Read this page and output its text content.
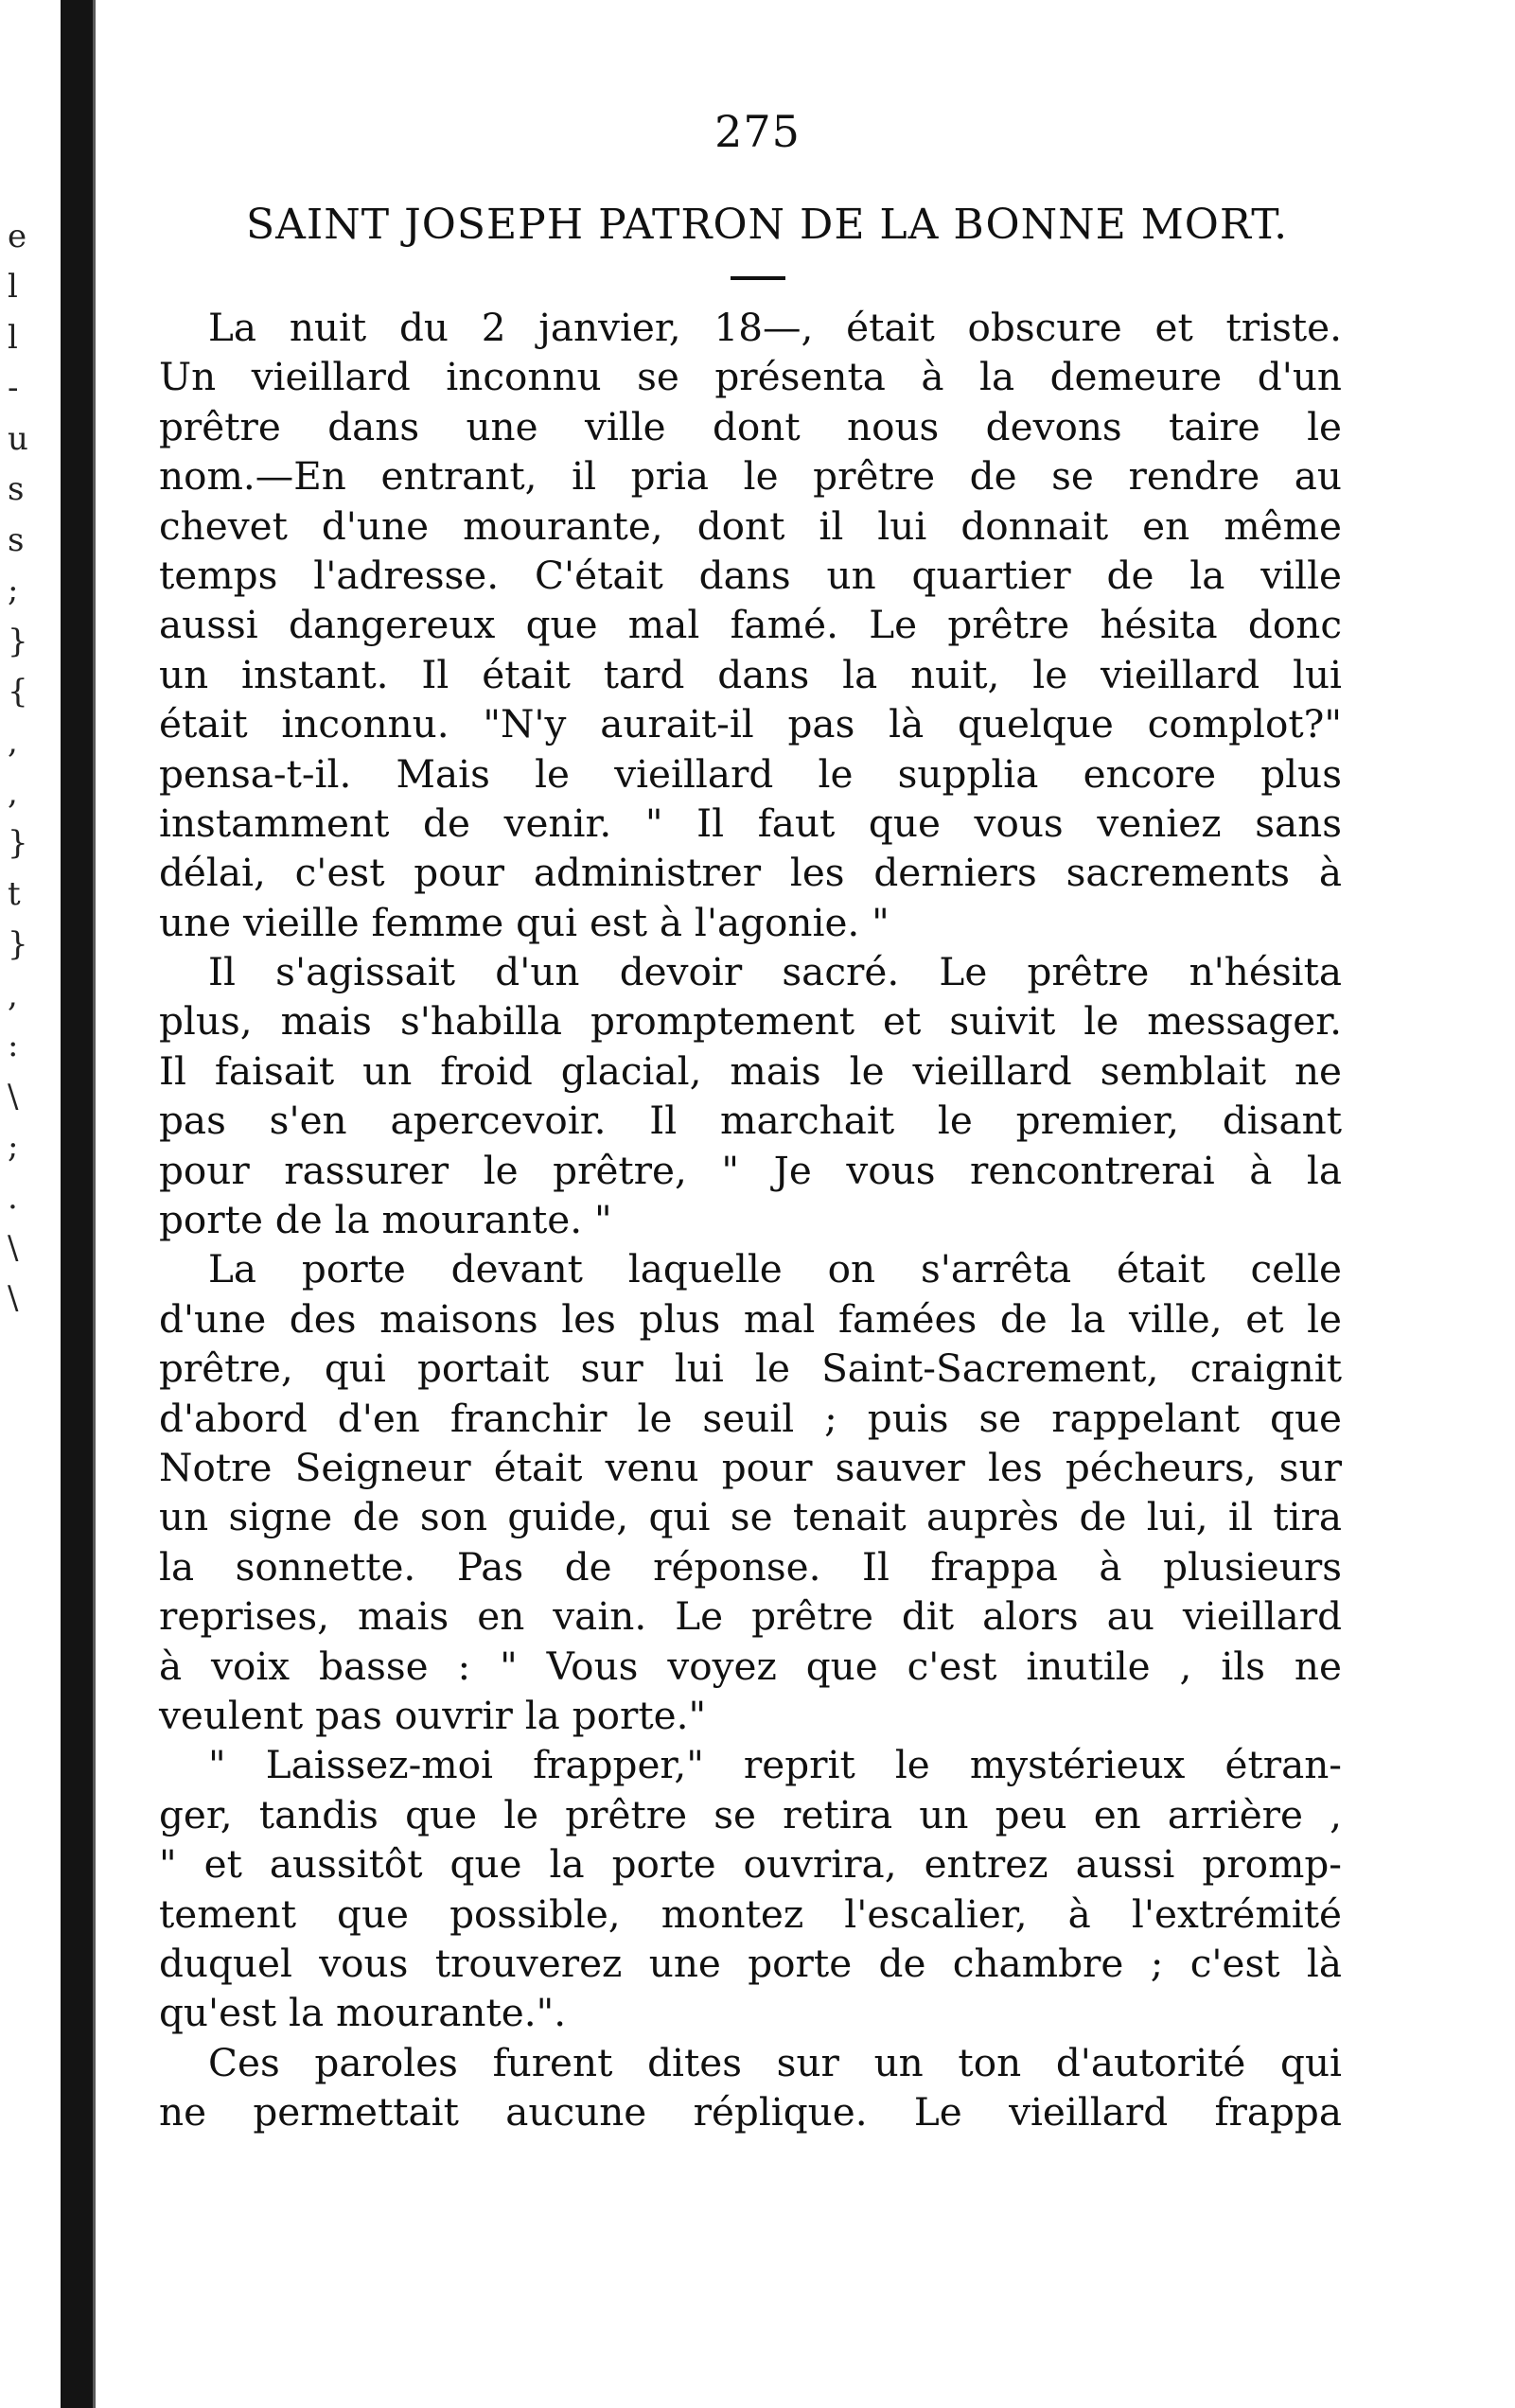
e
l
l
-
u
s
s
;
}
{
,
,
}
t
}
,
:
\
;
.
\
\
275
SAINT JOSEPH PATRON DE LA BONNE MORT.
La nuit du 2 janvier, 18—, était obscure et triste.
Un vieillard inconnu se présenta à la demeure d'un
prêtre dans une ville dont nous devons taire le
nom.—En entrant, il pria le prêtre de se rendre au
chevet d'une mourante, dont il lui donnait en même
temps l'adresse. C'était dans un quartier de la ville
aussi dangereux que mal famé. Le prêtre hésita donc
un instant. Il était tard dans la nuit, le vieillard lui
était inconnu. "N'y aurait-il pas là quelque complot?"
pensa-t-il. Mais le vieillard le supplia encore plus
instamment de venir. " Il faut que vous veniez sans
délai, c'est pour administrer les derniers sacrements à
une vieille femme qui est à l'agonie. "
Il s'agissait d'un devoir sacré. Le prêtre n'hésita
plus, mais s'habilla promptement et suivit le messager.
Il faisait un froid glacial, mais le vieillard semblait ne
pas s'en apercevoir. Il marchait le premier, disant
pour rassurer le prêtre, " Je vous rencontrerai à la
porte de la mourante. "
La porte devant laquelle on s'arrêta était celle
d'une des maisons les plus mal famées de la ville, et le
prêtre, qui portait sur lui le Saint-Sacrement, craignit
d'abord d'en franchir le seuil ; puis se rappelant que
Notre Seigneur était venu pour sauver les pécheurs, sur
un signe de son guide, qui se tenait auprès de lui, il tira
la sonnette. Pas de réponse. Il frappa à plusieurs
reprises, mais en vain. Le prêtre dit alors au vieillard
à voix basse : " Vous voyez que c'est inutile , ils ne
veulent pas ouvrir la porte."
" Laissez-moi frapper," reprit le mystérieux étran-
ger, tandis que le prêtre se retira un peu en arrière ,
" et aussitôt que la porte ouvrira, entrez aussi promp-
tement que possible, montez l'escalier, à l'extrémité
duquel vous trouverez une porte de chambre ; c'est là
qu'est la mourante.".
Ces paroles furent dites sur un ton d'autorité qui
ne permettait aucune réplique. Le vieillard frappa
